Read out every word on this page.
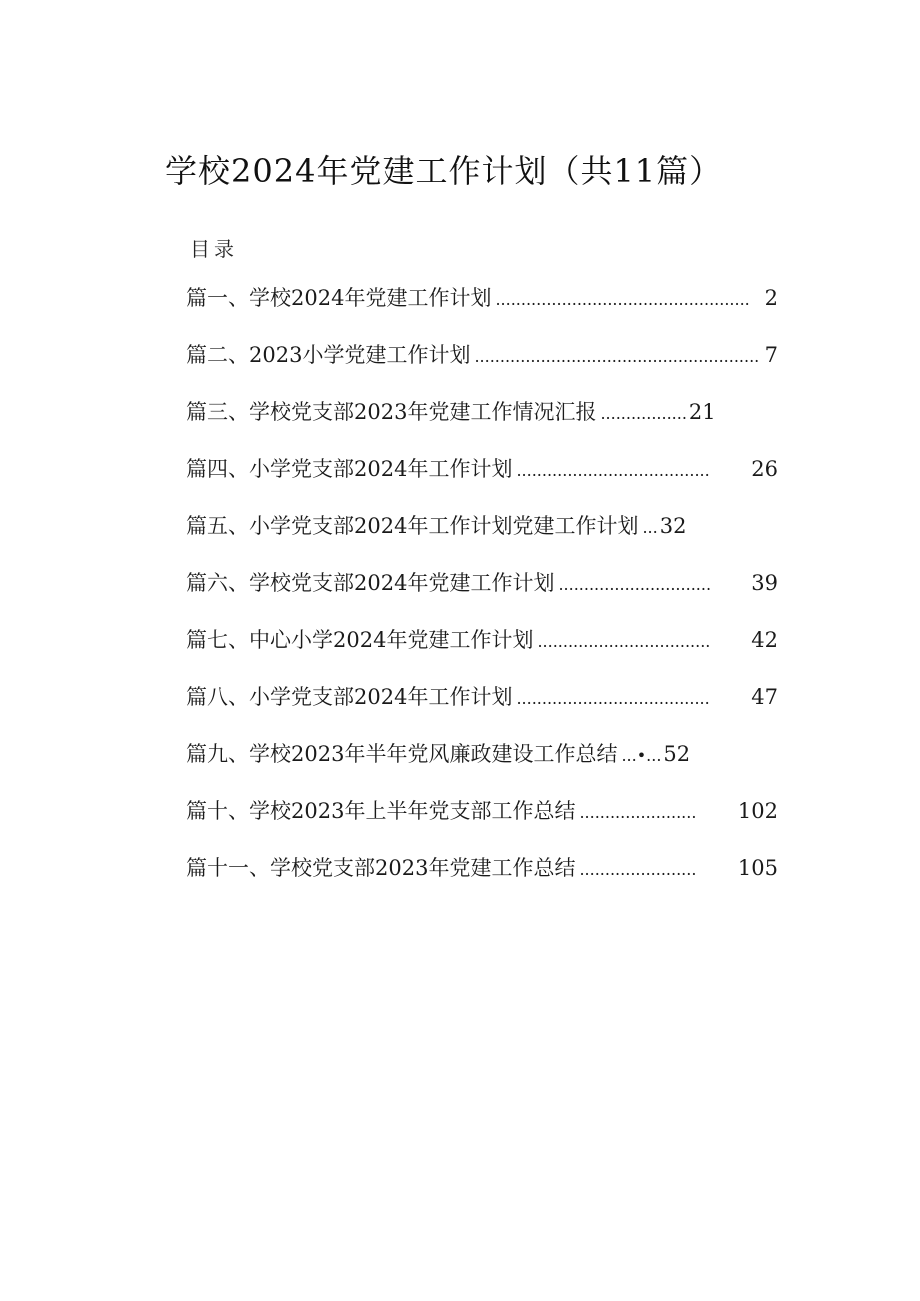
学校2024年党建工作计划（共11篇）
目录
篇一、学校2024年党建工作计划 .................................................. 2
篇二、2023小学党建工作计划 ........................................................ 7
篇三、学校党支部2023年党建工作情况汇报 ................. 21
篇四、小学党支部2024年工作计划 ......................................	26
篇五、小学党支部2024年工作计划党建工作计划 ... 32
篇六、学校党支部2024年党建工作计划 ..............................	39
篇七、中心小学2024年党建工作计划 ..................................	42
篇八、小学党支部2024年工作计划 ......................................	47
篇九、学校2023年半年党风廉政建设工作总结 ...•... 52
篇十、学校2023年上半年党支部工作总结 .......................	102
篇十一、学校党支部2023年党建工作总结 .......................	105
